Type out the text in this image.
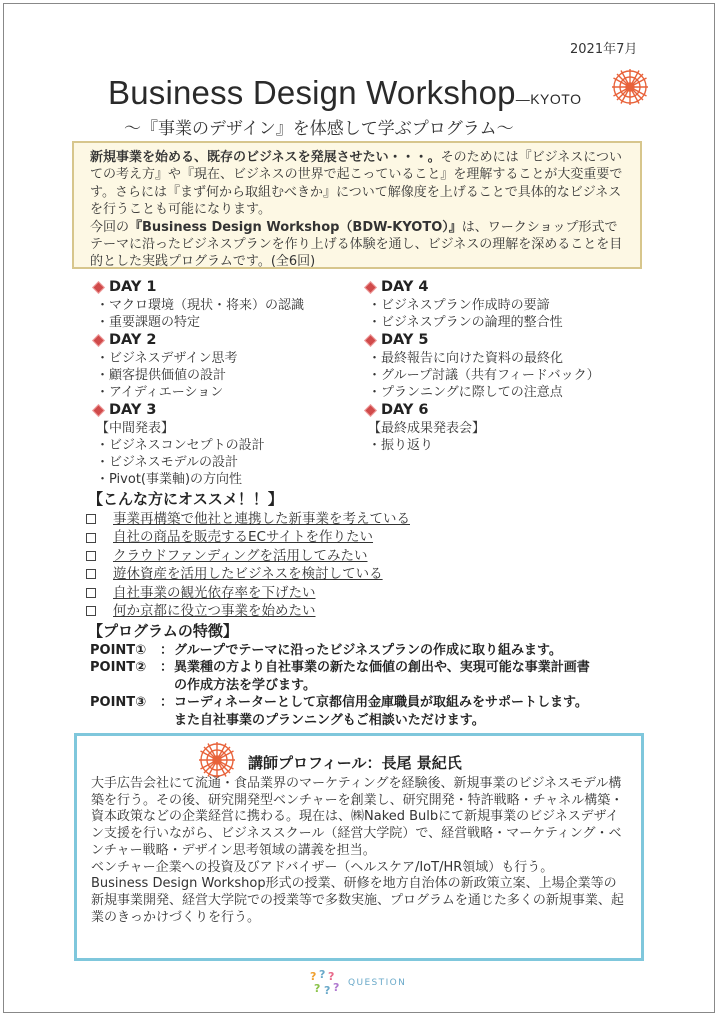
2021年7月
Business Design Workshop—KYOTO
～『事業のデザイン』を体感して学ぶプログラム～

新規事業を始める、既存のビジネスを発展させたい・・・。そのためには『ビジネスについての考え方』や『現在、ビジネスの世界で起こっていること』を理解することが大変重要です。さらには『まず何から取組むべきか』について解像度を上げることで具体的なビジネスを行うことも可能になります。

今回の『Business Design Workshop（BDW-KYOTO）』は、ワークショップ形式でテーマに沿ったビジネスプランを作り上げる体験を通し、ビジネスの理解を深めることを目的とした実践プログラムです。(全6回)

DAY 1
・マクロ環境（現状・将来）の認識
・重要課題の特定
DAY 2
・ビジネスデザイン思考
・顧客提供価値の設計
・アイディエーション
DAY 3
【中間発表】
・ビジネスコンセプトの設計
・ビジネスモデルの設計
・Pivot(事業軸)の方向性
DAY 4
・ビジネスプラン作成時の要諦
・ビジネスプランの論理的整合性
DAY 5
・最終報告に向けた資料の最終化
・グループ討議（共有フィードバック）
・プランニングに際しての注意点
DAY 6
【最終成果発表会】
・振り返り
【こんな方にオススメ！！】
事業再構築で他社と連携した新事業を考えている
自社の商品を販売するECサイトを作りたい
クラウドファンディングを活用してみたい
遊休資産を活用したビジネスを検討している
自社事業の観光依存率を下げたい
何か京都に役立つ事業を始めたい
【プログラムの特徴】
POINT①	： グループでテーマに沿ったビジネスプランの作成に取り組みます。
POINT②	： 異業種の方より自社事業の新たな価値の創出や、実現可能な事業計画書
の作成方法を学びます。
POINT③	： コーディネーターとして京都信用金庫職員が取組みをサポートします。
また自社事業のプランニングもご相談いただけます。

大手広告会社にて流通・食品業界のマーケティングを経験後、新規事業のビジネスモデル構築を行う。その後、研究開発型ベンチャーを創業し、研究開発・特許戦略・チャネル構築・資本政策などの企業経営に携わる。現在は、㈱Naked Bulbにて新規事業のビジネスデザイン支援を行いながら、ビジネススクール（経営大学院）で、経営戦略・マーケティング・ベンチャー戦略・デザイン思考領域の講義を担当。

ベンチャー企業への投資及びアドバイザー（ヘルスケア/IoT/HR領域）も行う。

Business Design Workshop形式の授業、研修を地方自治体の新政策立案、上場企業等の新規事業開発、経営大学院での授業等で多数実施、プログラムを通じた多くの新規事業、起業のきっかけづくりを行う。

講師プロフィール：長尾 景紀氏
? ? ?
? ? ? QUESTION
